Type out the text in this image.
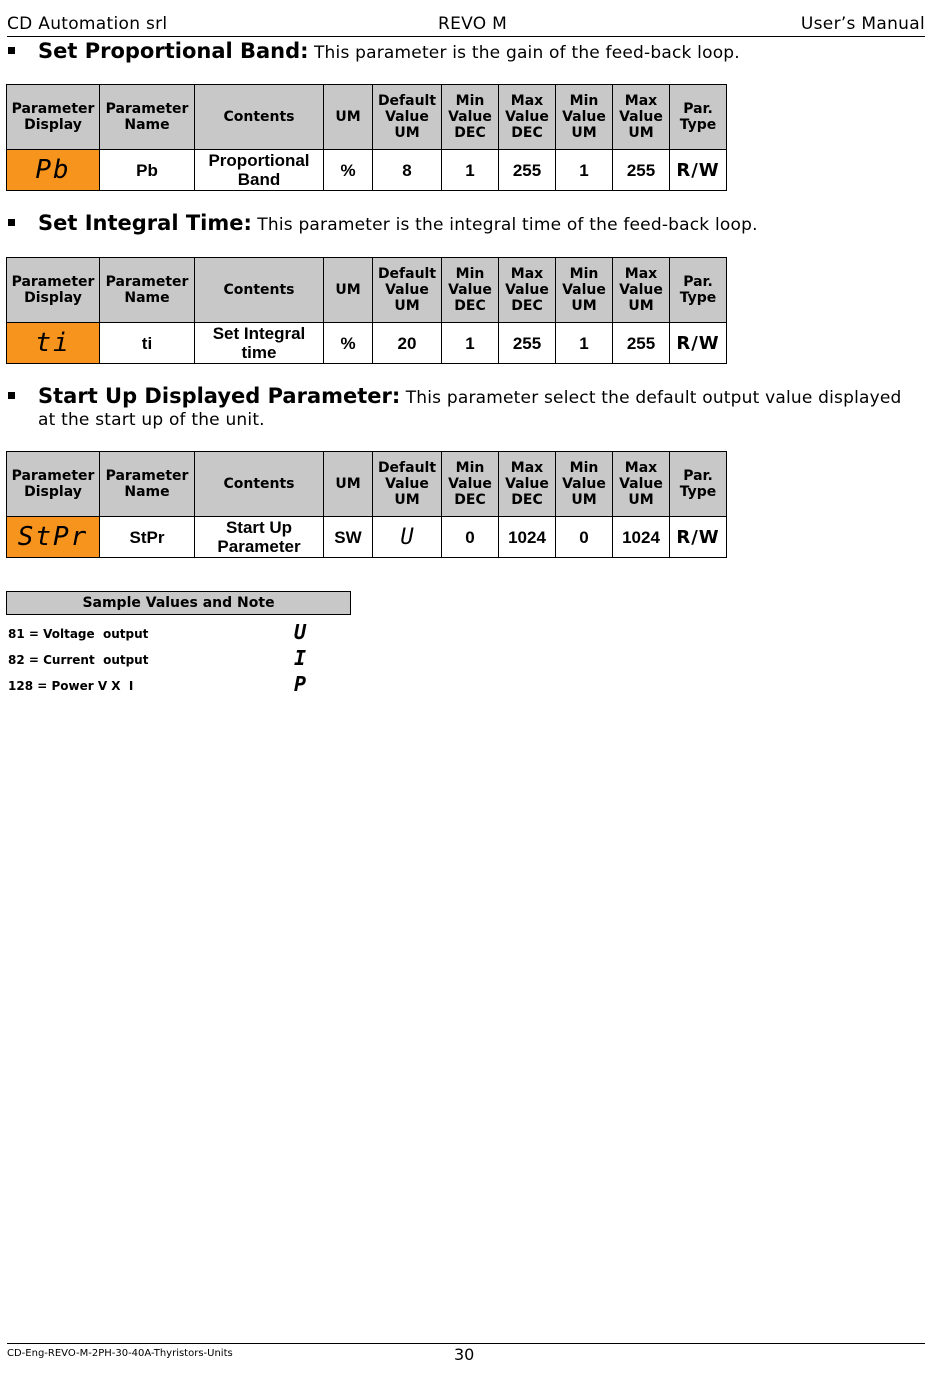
CD Automation srl	REVO M	User’s Manual
Set Proportional Band: This parameter is the gain of the feed-back loop.
Parameter Display	Parameter Name	Contents	UM	Default Value UM	Min Value DEC	Max Value DEC	Min Value UM	Max Value UM	Par. Type
Pb	Pb	Proportional Band	%	8	1	255	1	255	R/W
Set Integral Time: This parameter is the integral time of the feed-back loop.
Parameter Display	Parameter Name	Contents	UM	Default Value UM	Min Value DEC	Max Value DEC	Min Value UM	Max Value UM	Par. Type
ti	ti	Set Integral time	%	20	1	255	1	255	R/W
Start Up Displayed Parameter: This parameter select the default output value displayed at the start up of the unit.
Parameter Display	Parameter Name	Contents	UM	Default Value UM	Min Value DEC	Max Value DEC	Min Value UM	Max Value UM	Par. Type
StPr	StPr	Start Up Parameter	SW	U	0	1024	0	1024	R/W
Sample Values and Note
81 = Voltage  output	U
82 = Current  output	I
128 = Power V X  I	P
CD-Eng-REVO-M-2PH-30-40A-Thyristors-Units	30
